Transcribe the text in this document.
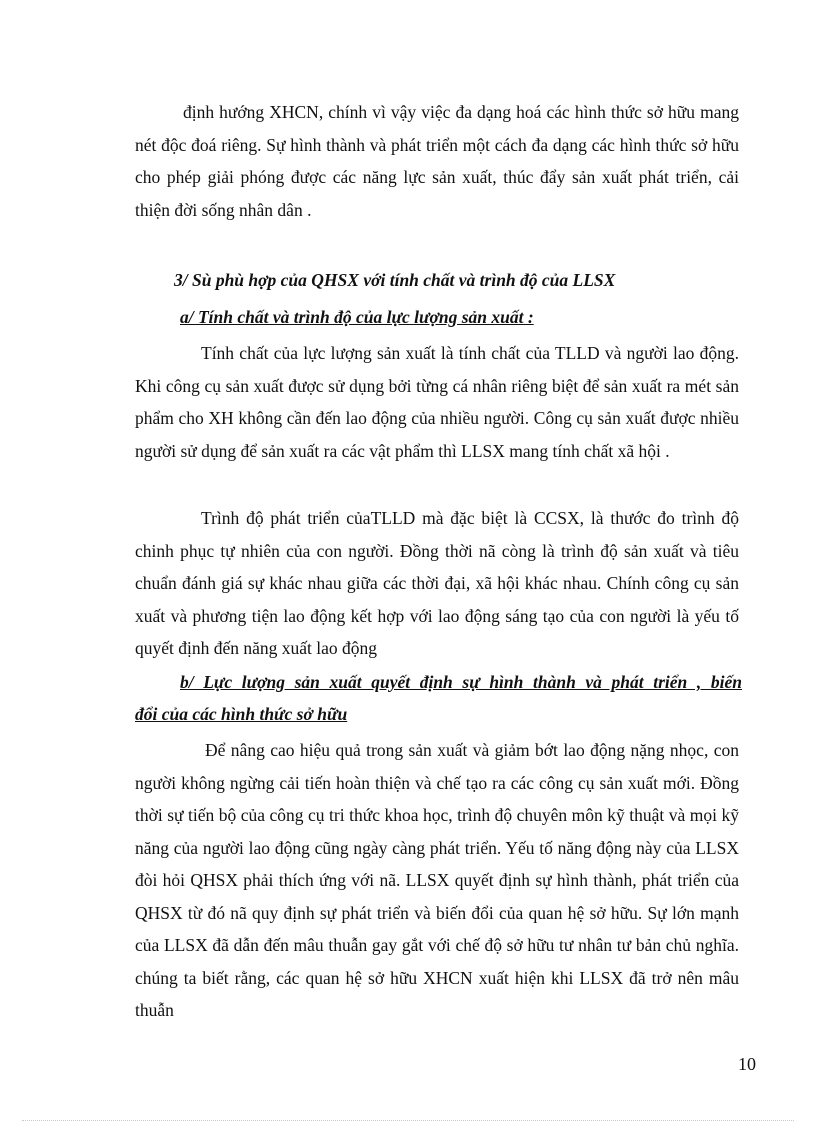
định hướng XHCN, chính vì vậy việc đa dạng hoá các hình thức sở hữu mang nét độc đoá riêng. Sự hình thành và phát triển một cách đa dạng các hình thức sở hữu cho phép giải phóng được các năng lực sản xuất, thúc đẩy sản xuất phát triển, cải thiện đời sống nhân dân .

3/ Sù phù hợp của QHSX với tính chất và trình độ của LLSX

a/ Tính chất và trình độ của lực lượng sản xuất :

Tính chất của lực lượng sản xuất là tính chất của TLLD và người lao động. Khi công cụ sản xuất được sử dụng bởi từng cá nhân riêng biệt để sản xuất ra mét sản phẩm cho XH không cần đến lao động của nhiều người. Công cụ sản xuất được nhiều người sử dụng để sản xuất ra các vật phẩm thì LLSX mang tính chất xã hội .

Trình độ phát triển củaTLLD mà đặc biệt là CCSX, là thước đo trình độ chinh phục tự nhiên của con người. Đồng thời nã còng là trình độ sản xuất và tiêu chuẩn đánh giá sự khác nhau giữa các thời đại, xã hội khác nhau. Chính công cụ sản xuất và phương tiện lao động kết hợp với lao động sáng tạo của con người là yếu tố quyết định đến năng xuất lao động

b/ Lực lượng sản xuất quyết định sự hình thành và phát triển , biến

đổi của các hình thức sở hữu

Để nâng cao hiệu quả trong sản xuất và giảm bớt lao động nặng nhọc, con người không ngừng cải tiến hoàn thiện và chế tạo ra các công cụ sản xuất mới. Đồng thời sự tiến bộ của công cụ tri thức khoa học, trình độ chuyên môn kỹ thuật và mọi kỹ năng của người lao động cũng ngày càng phát triển. Yếu tố năng động này của LLSX đòi hỏi QHSX phải thích ứng với nã. LLSX quyết định sự hình thành, phát triển của QHSX từ đó nã quy định sự phát triển và biến đổi của quan hệ sở hữu. Sự lớn mạnh của LLSX đã dẫn đến mâu thuẫn gay gắt với chế độ sở hữu tư nhân tư bản chủ nghĩa. chúng ta biết rằng, các quan hệ sở hữu XHCN xuất hiện khi LLSX đã trở nên mâu thuẫn

10
